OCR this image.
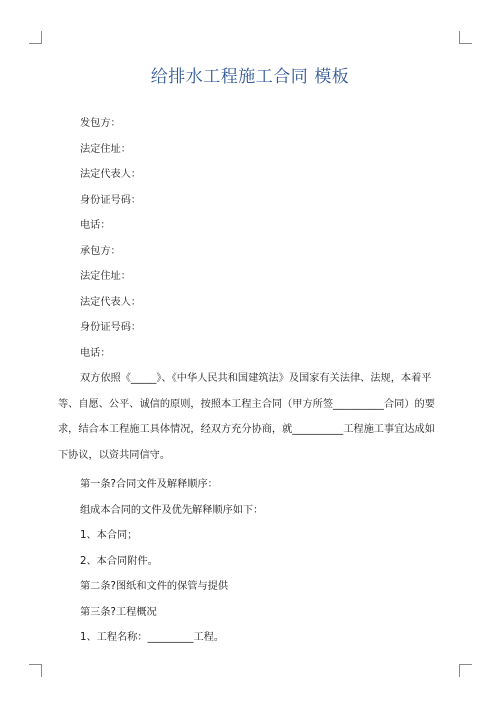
给排水工程施工合同 模板
发包方：
法定住址：
法定代表人：
身份证号码：
电话：
承包方：
法定住址：
法定代表人：
身份证号码：
电话：
双方依照《_____》、《中华人民共和国建筑法》及国家有关法律、法规，本着平
等、自愿、公平、诚信的原则，按照本工程主合同（甲方所签__________合同）的要
求，结合本工程施工具体情况，经双方充分协商，就__________工程施工事宜达成如
下协议，以资共同信守。
第一条?合同文件及解释顺序：
组成本合同的文件及优先解释顺序如下：
1、本合同；
2、本合同附件。
第二条?图纸和文件的保管与提供
第三条?工程概况
1、工程名称：_________工程。
